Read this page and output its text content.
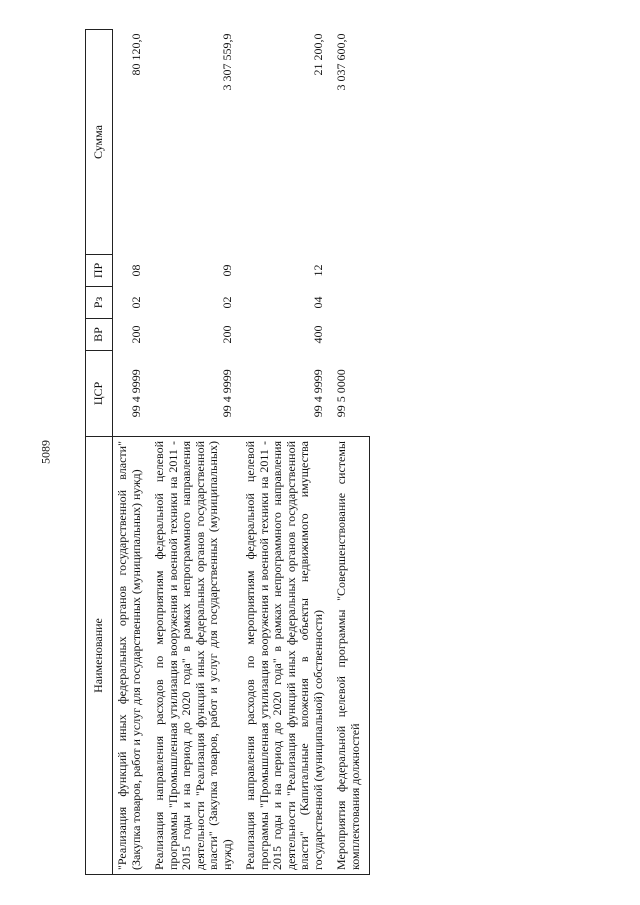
5089
Наименование	ЦСР	ВР	Рз	ПР	Сумма
"Реализация функций иных федеральных органов государственной власти" (Закупка товаров, работ и услуг для государственных (муниципальных) нужд)	99 4 9999	200	02	08	80 120,0
Реализация направления расходов по мероприятиям федеральной целевой программы "Промышленная утилизация вооружения и военной техники на 2011 - 2015 годы и на период до 2020 года" в рамках непрограммного направления деятельности "Реализация функций иных федеральных органов государственной власти" (Закупка товаров, работ и услуг для государственных (муниципальных) нужд)	99 4 9999	200	02	09	3 307 559,9
Реализация направления расходов по мероприятиям федеральной целевой программы "Промышленная утилизация вооружения и военной техники на 2011 - 2015 годы и на период до 2020 года" в рамках непрограммного направления деятельности "Реализация функций иных федеральных органов государственной власти" (Капитальные вложения в объекты недвижимого имущества государственной (муниципальной) собственности)	99 4 9999	400	04	12	21 200,0
Мероприятия федеральной целевой программы "Совершенствование системы комплектования должностей	99 5 0000				3 037 600,0
